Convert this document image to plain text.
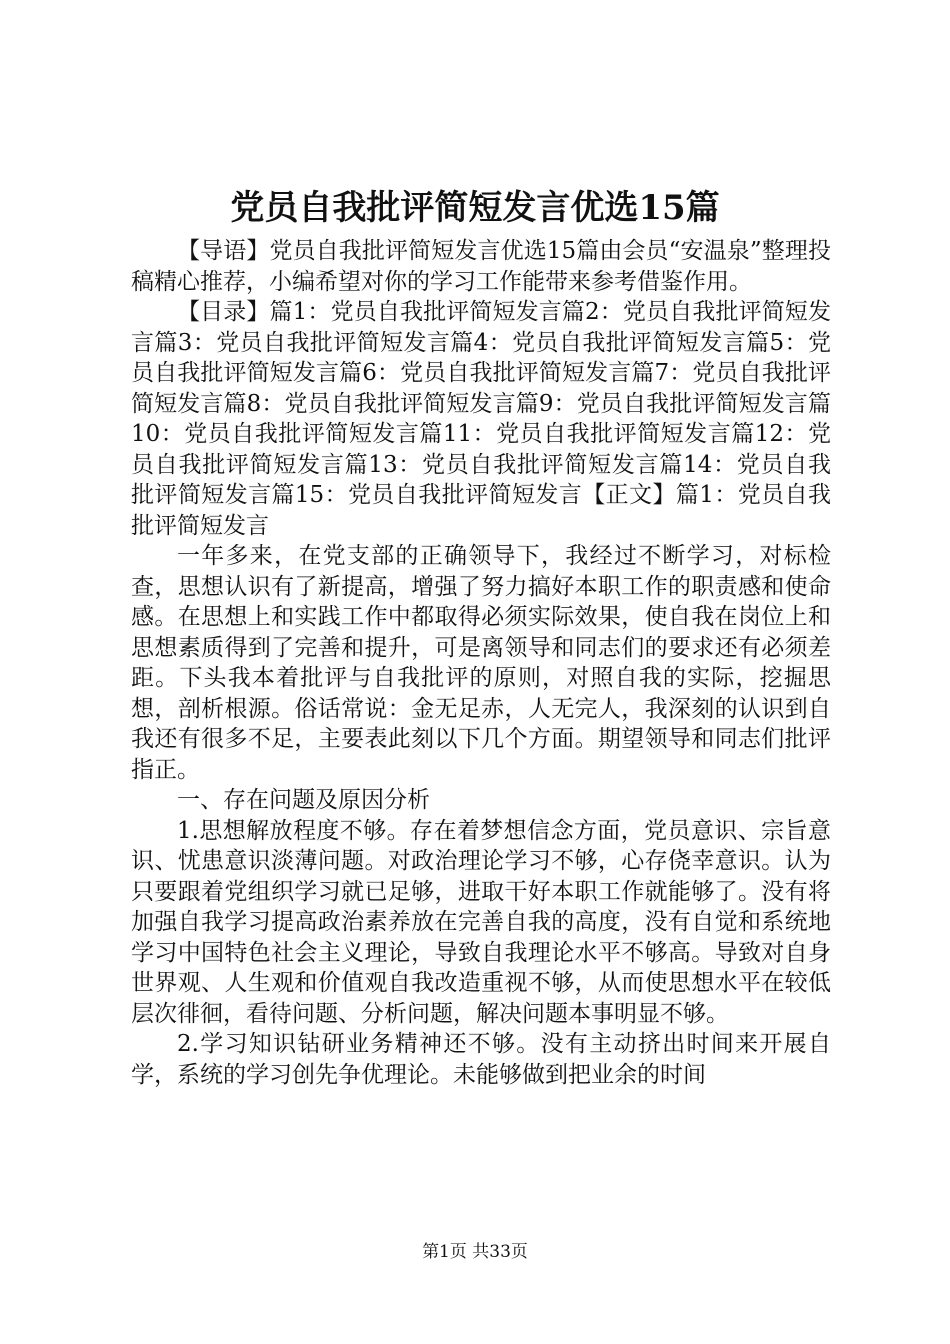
党员自我批评简短发言优选15篇

【导语】党员自我批评简短发言优选15篇由会员“安温泉”整理投稿精心推荐，小编希望对你的学习工作能带来参考借鉴作用。

【目录】篇1：党员自我批评简短发言篇2：党员自我批评简短发言篇3：党员自我批评简短发言篇4：党员自我批评简短发言篇5：党员自我批评简短发言篇6：党员自我批评简短发言篇7：党员自我批评简短发言篇8：党员自我批评简短发言篇9：党员自我批评简短发言篇10：党员自我批评简短发言篇11：党员自我批评简短发言篇12：党员自我批评简短发言篇13：党员自我批评简短发言篇14：党员自我批评简短发言篇15：党员自我批评简短发言【正文】篇1：党员自我批评简短发言

一年多来，在党支部的正确领导下，我经过不断学习，对标检查，思想认识有了新提高，增强了努力搞好本职工作的职责感和使命感。在思想上和实践工作中都取得必须实际效果，使自我在岗位上和思想素质得到了完善和提升，可是离领导和同志们的要求还有必须差距。下头我本着批评与自我批评的原则，对照自我的实际，挖掘思想，剖析根源。俗话常说：金无足赤，人无完人，我深刻的认识到自我还有很多不足，主要表此刻以下几个方面。期望领导和同志们批评指正。

一、存在问题及原因分析

1.思想解放程度不够。存在着梦想信念方面，党员意识、宗旨意识、忧患意识淡薄问题。对政治理论学习不够，心存侥幸意识。认为只要跟着党组织学习就已足够，进取干好本职工作就能够了。没有将加强自我学习提高政治素养放在完善自我的高度，没有自觉和系统地学习中国特色社会主义理论，导致自我理论水平不够高。导致对自身世界观、人生观和价值观自我改造重视不够，从而使思想水平在较低层次徘徊，看待问题、分析问题，解决问题本事明显不够。

2.学习知识钻研业务精神还不够。没有主动挤出时间来开展自学，系统的学习创先争优理论。未能够做到把业余的时间

第1页 共33页
